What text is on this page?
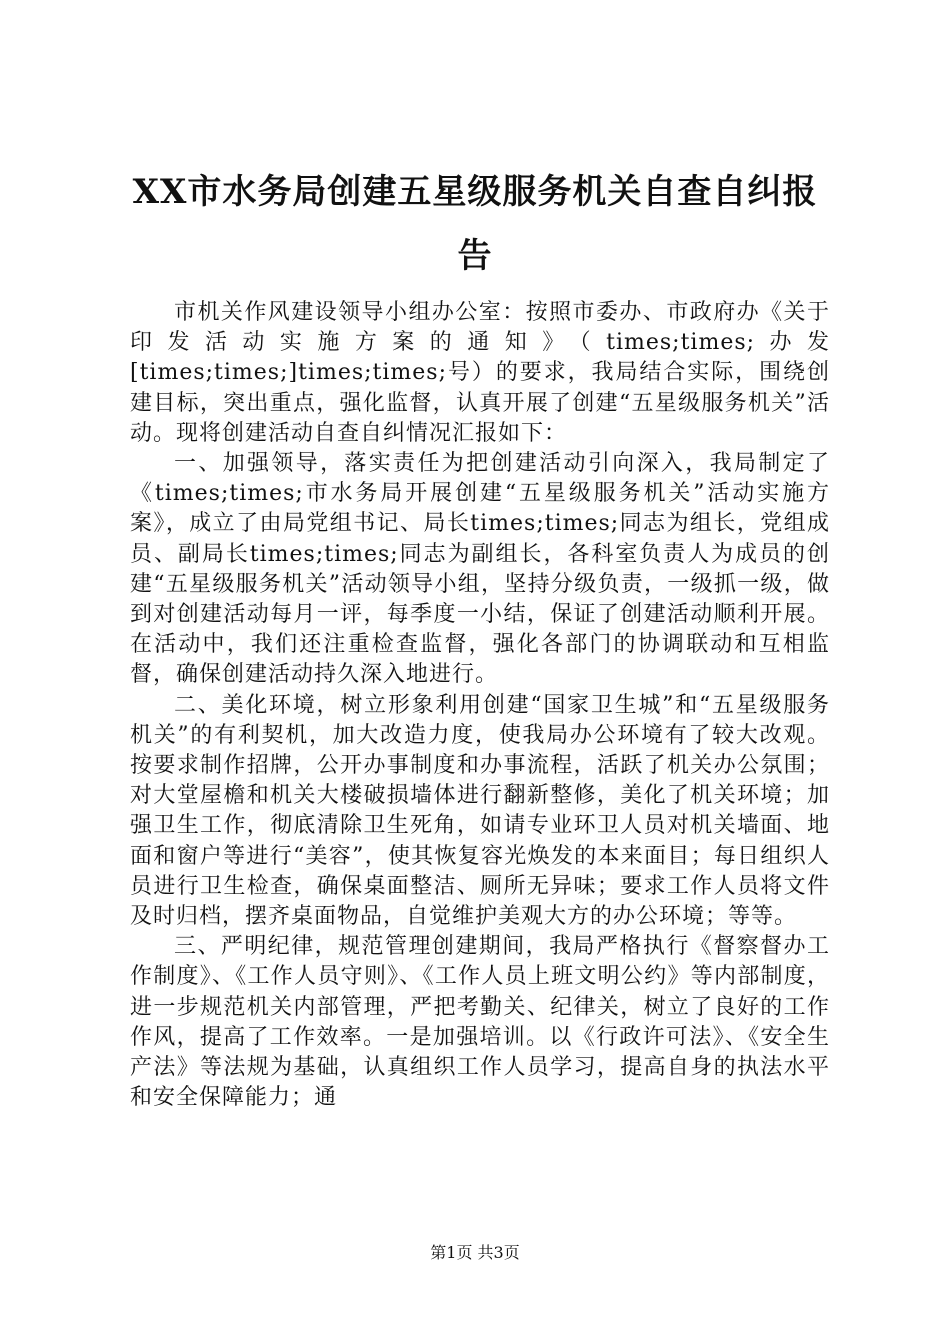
XX市水务局创建五星级服务机关自查自纠报告

市机关作风建设领导小组办公室：按照市委办、市政府办《关于印发活动实施方案的通知》（times;times;办发[times;times;]times;times;号）的要求，我局结合实际，围绕创建目标，突出重点，强化监督，认真开展了创建“五星级服务机关”活动。现将创建活动自查自纠情况汇报如下：

一、加强领导，落实责任为把创建活动引向深入，我局制定了《times;times;市水务局开展创建“五星级服务机关”活动实施方案》，成立了由局党组书记、局长times;times;同志为组长，党组成员、副局长times;times;同志为副组长，各科室负责人为成员的创建“五星级服务机关”活动领导小组，坚持分级负责，一级抓一级，做到对创建活动每月一评，每季度一小结，保证了创建活动顺利开展。在活动中，我们还注重检查监督，强化各部门的协调联动和互相监督，确保创建活动持久深入地进行。

二、美化环境，树立形象利用创建“国家卫生城”和“五星级服务机关”的有利契机，加大改造力度，使我局办公环境有了较大改观。按要求制作招牌，公开办事制度和办事流程，活跃了机关办公氛围；对大堂屋檐和机关大楼破损墙体进行翻新整修，美化了机关环境；加强卫生工作，彻底清除卫生死角，如请专业环卫人员对机关墙面、地面和窗户等进行“美容”，使其恢复容光焕发的本来面目；每日组织人员进行卫生检查，确保桌面整洁、厕所无异味；要求工作人员将文件及时归档，摆齐桌面物品，自觉维护美观大方的办公环境；等等。

三、严明纪律，规范管理创建期间，我局严格执行《督察督办工作制度》、《工作人员守则》、《工作人员上班文明公约》等内部制度，进一步规范机关内部管理，严把考勤关、纪律关，树立了良好的工作作风，提高了工作效率。一是加强培训。以《行政许可法》、《安全生产法》等法规为基础，认真组织工作人员学习，提高自身的执法水平和安全保障能力；通

第1页 共3页
